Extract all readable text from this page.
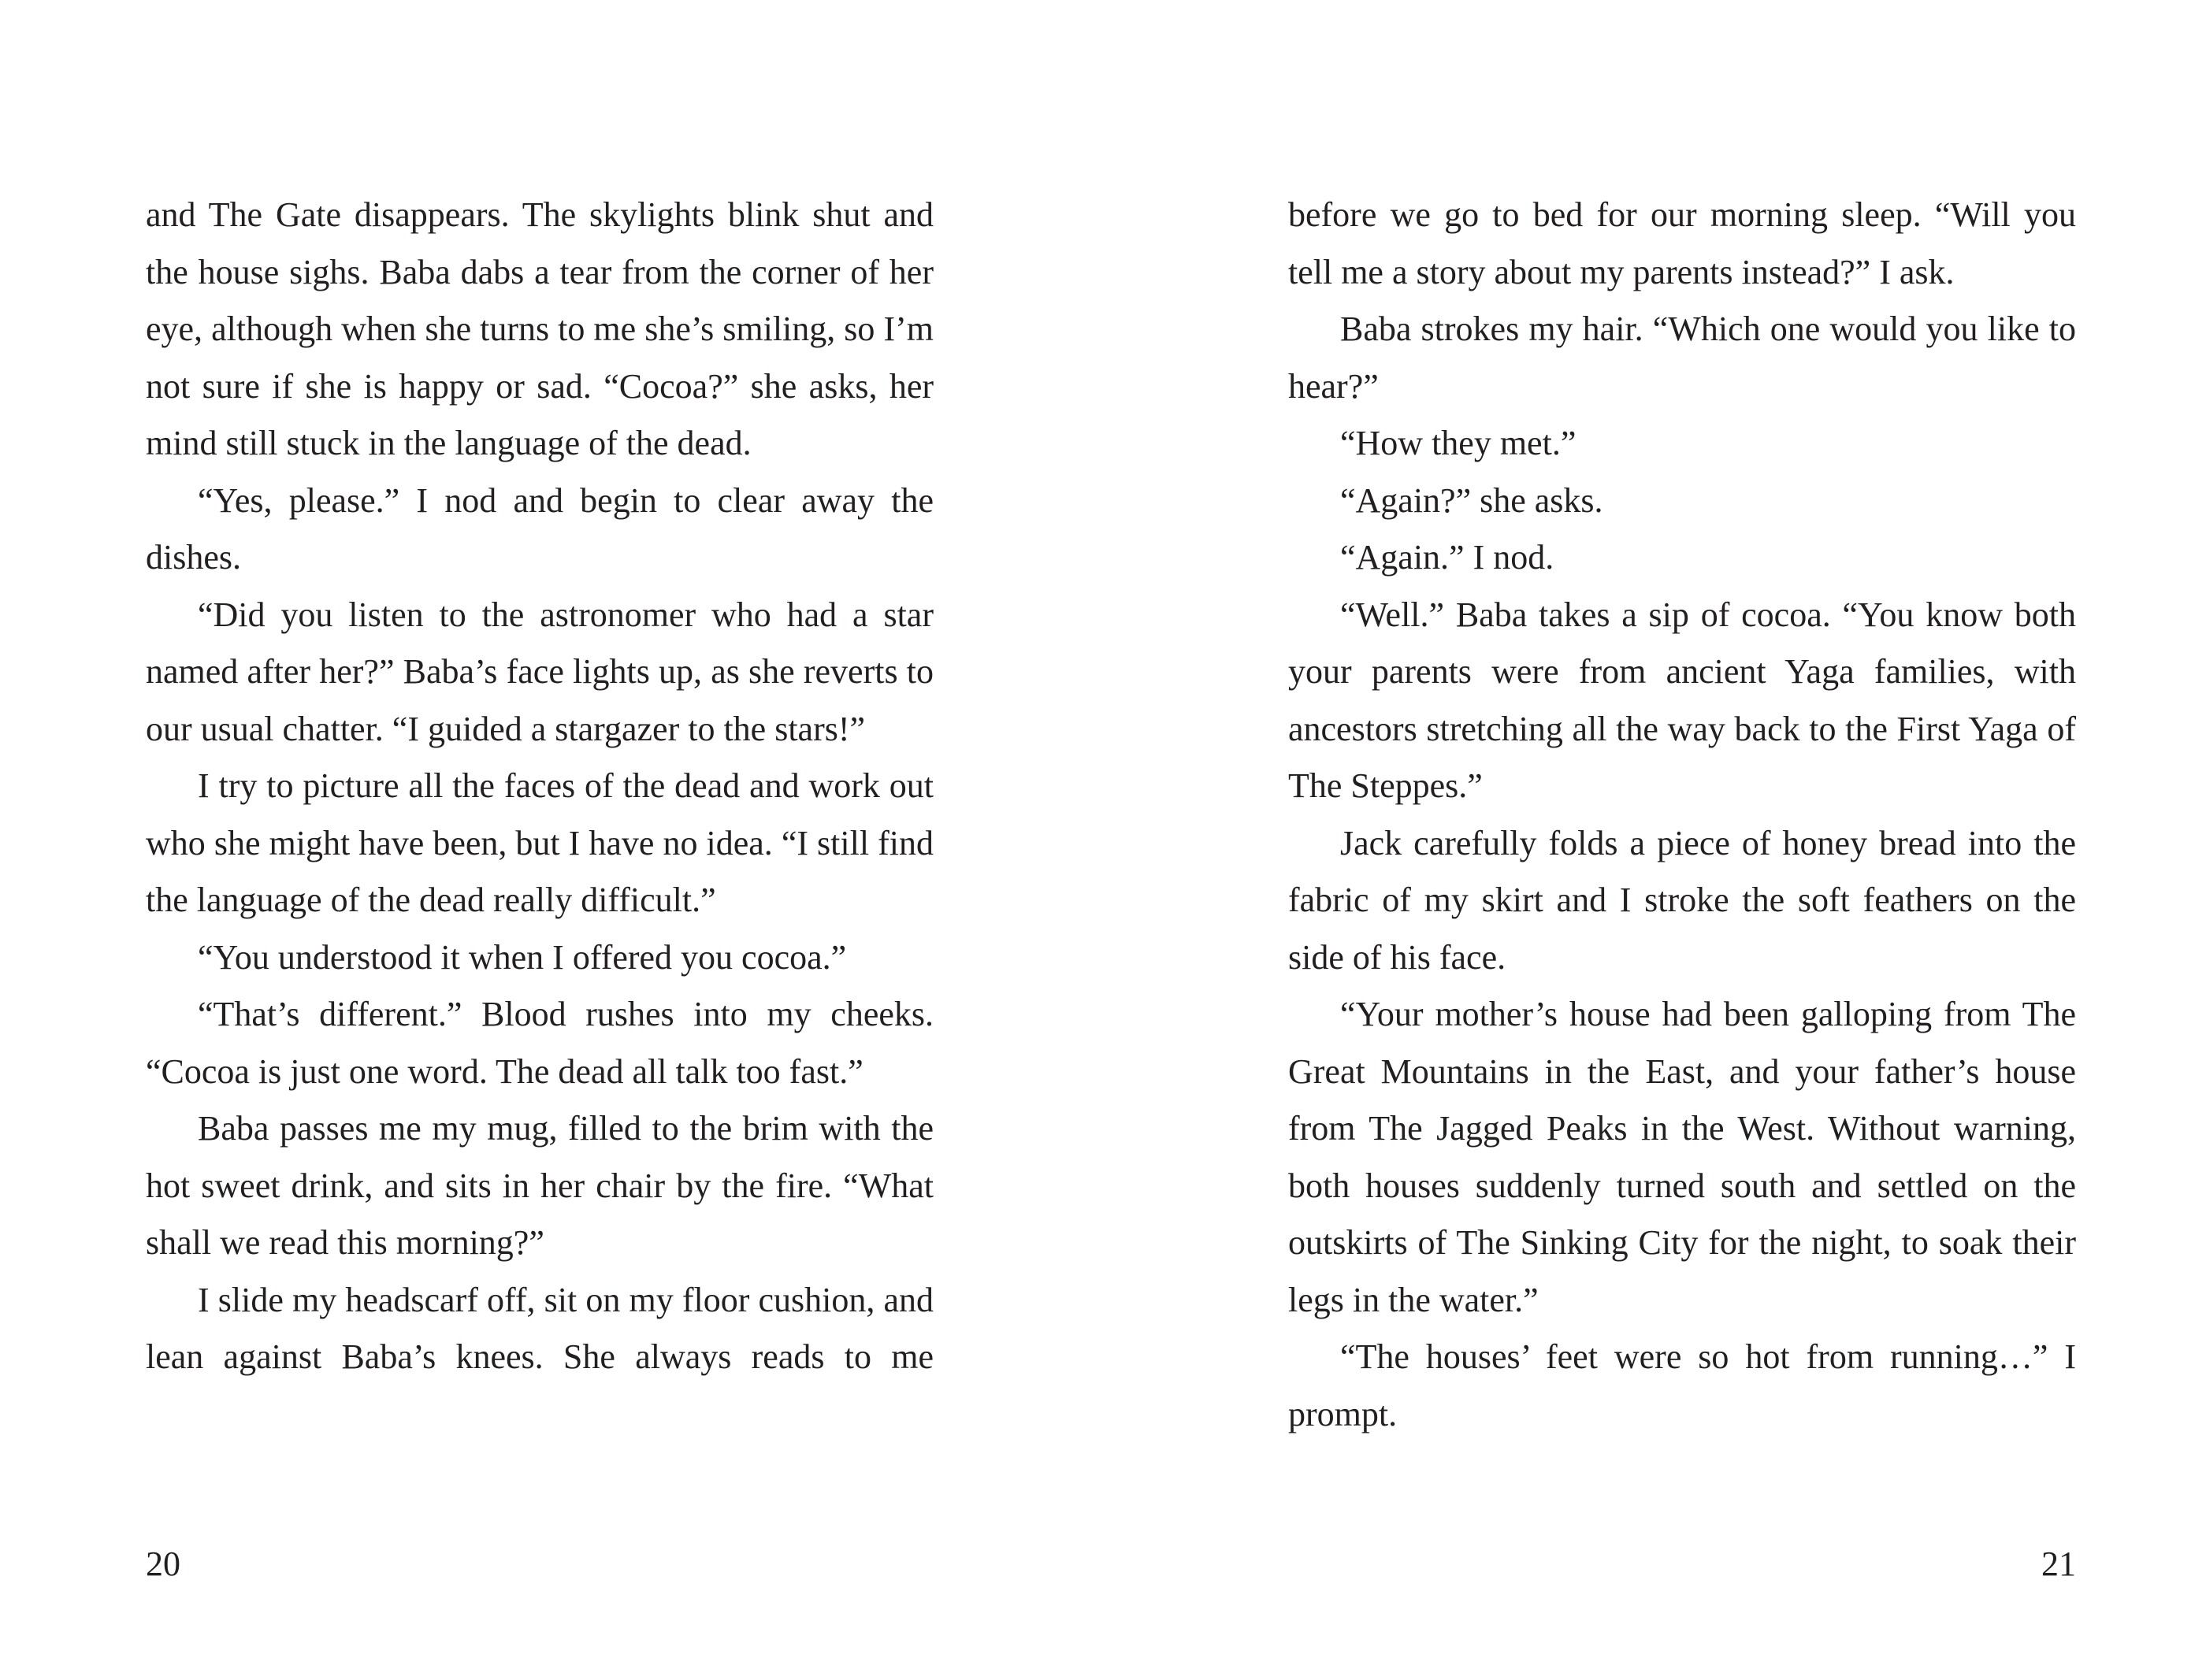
and The Gate disappears. The skylights blink shut and the house sighs. Baba dabs a tear from the corner of her eye, although when she turns to me she’s smiling, so I’m not sure if she is happy or sad. “Cocoa?” she asks, her mind still stuck in the language of the dead.

“Yes, please.” I nod and begin to clear away the dishes.

“Did you listen to the astronomer who had a star named after her?” Baba’s face lights up, as she reverts to our usual chatter. “I guided a stargazer to the stars!”

I try to picture all the faces of the dead and work out who she might have been, but I have no idea. “I still find the language of the dead really difficult.”

“You understood it when I offered you cocoa.”

“That’s different.” Blood rushes into my cheeks. “Cocoa is just one word. The dead all talk too fast.”

Baba passes me my mug, filled to the brim with the hot sweet drink, and sits in her chair by the fire. “What shall we read this morning?”

I slide my headscarf off, sit on my floor cushion, and lean against Baba’s knees. She always reads to me

20

before we go to bed for our morning sleep. “Will you tell me a story about my parents instead?” I ask.

Baba strokes my hair. “Which one would you like to hear?”

“How they met.”

“Again?” she asks.

“Again.” I nod.

“Well.” Baba takes a sip of cocoa. “You know both your parents were from ancient Yaga families, with ancestors stretching all the way back to the First Yaga of The Steppes.”

Jack carefully folds a piece of honey bread into the fabric of my skirt and I stroke the soft feathers on the side of his face.

“Your mother’s house had been galloping from The Great Mountains in the East, and your father’s house from The Jagged Peaks in the West. Without warning, both houses suddenly turned south and settled on the outskirts of The Sinking City for the night, to soak their legs in the water.”

“The houses’ feet were so hot from running…” I prompt.

21
